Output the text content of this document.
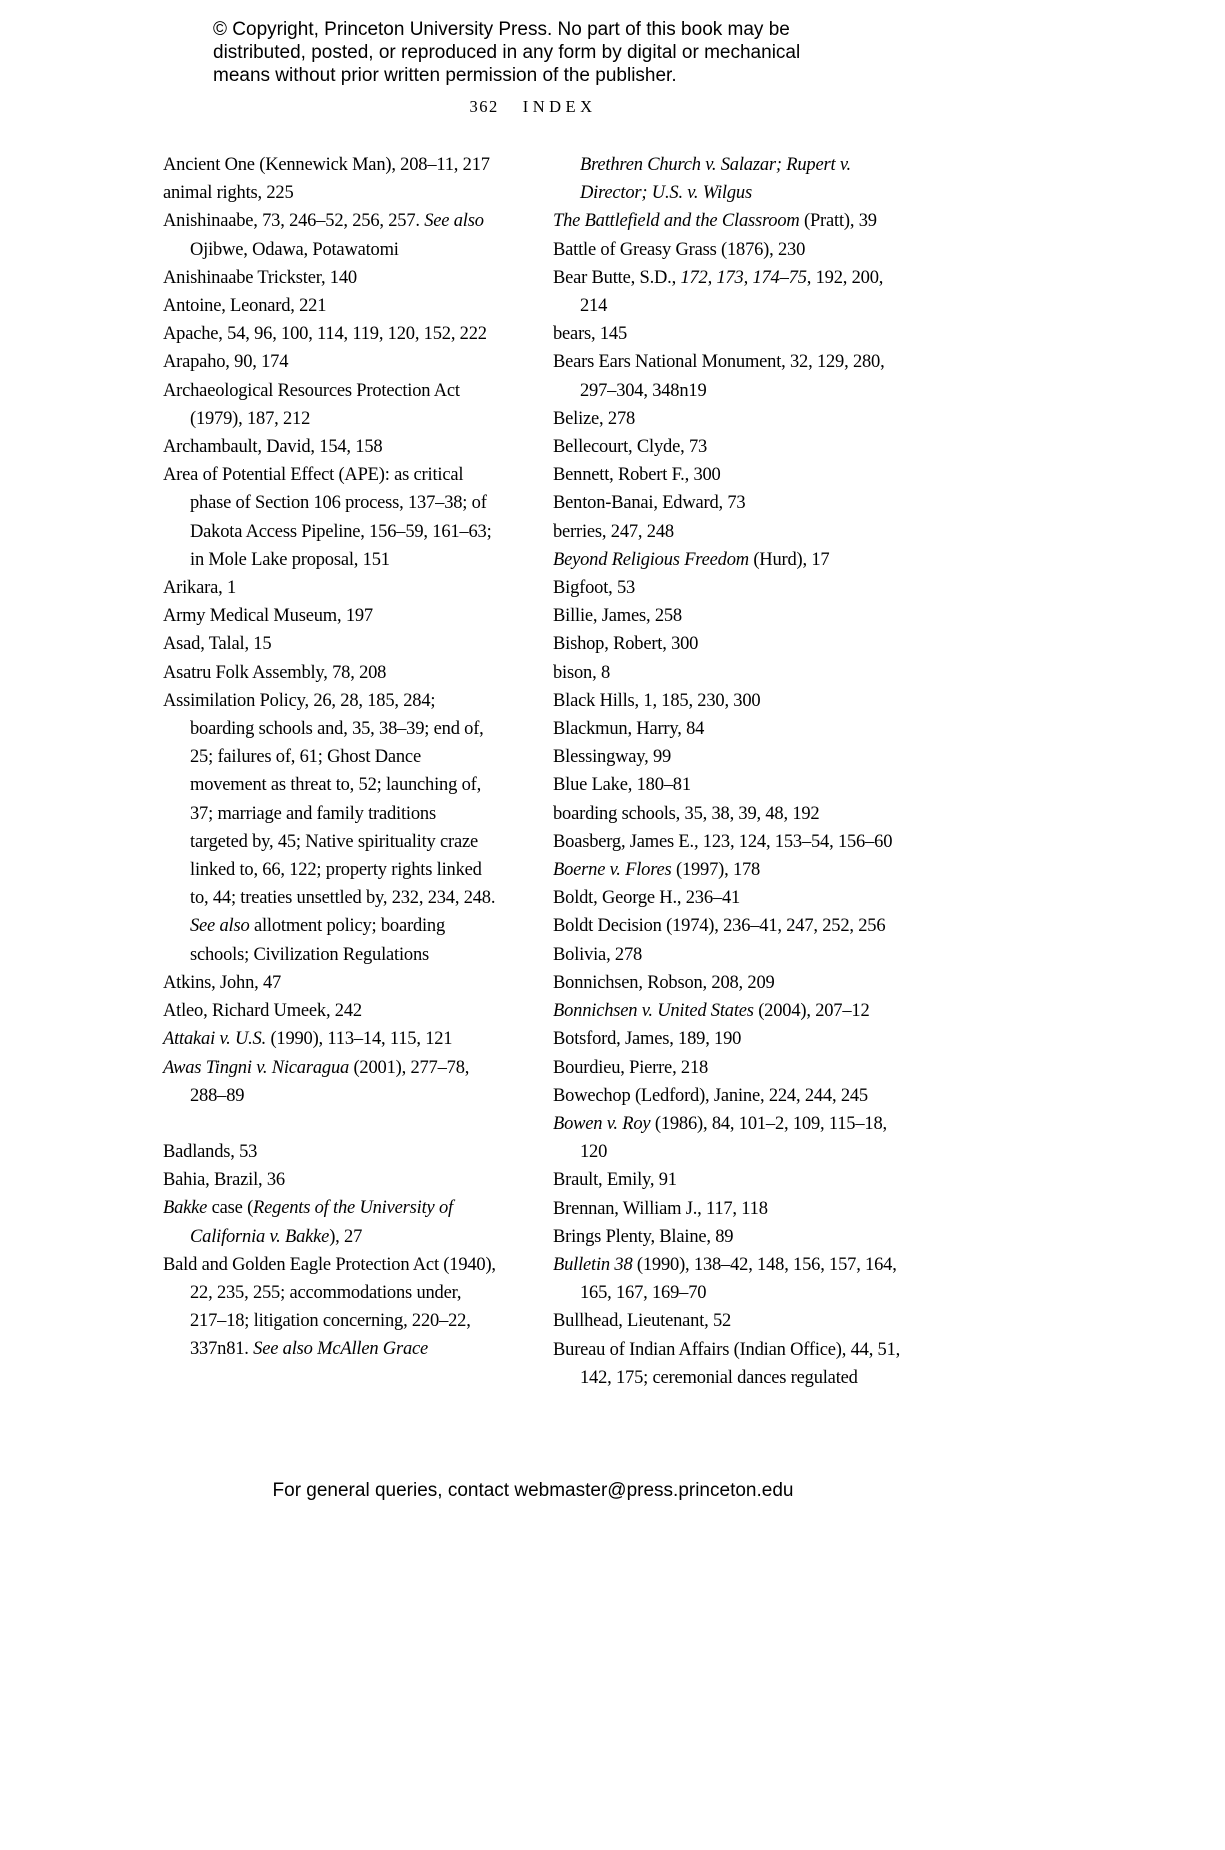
© Copyright, Princeton University Press. No part of this book may be
distributed, posted, or reproduced in any form by digital or mechanical
means without prior written permission of the publisher.
362 INDEX
Ancient One (Kennewick Man), 208–11, 217
animal rights, 225
Anishinaabe, 73, 246–52, 256, 257. See also Ojibwe, Odawa, Potawatomi
Anishinaabe Trickster, 140
Antoine, Leonard, 221
Apache, 54, 96, 100, 114, 119, 120, 152, 222
Arapaho, 90, 174
Archaeological Resources Protection Act (1979), 187, 212
Archambault, David, 154, 158
Area of Potential Effect (APE): as critical phase of Section 106 process, 137–38; of Dakota Access Pipeline, 156–59, 161–63; in Mole Lake proposal, 151
Arikara, 1
Army Medical Museum, 197
Asad, Talal, 15
Asatru Folk Assembly, 78, 208
Assimilation Policy, 26, 28, 185, 284; boarding schools and, 35, 38–39; end of, 25; failures of, 61; Ghost Dance movement as threat to, 52; launching of, 37; marriage and family traditions targeted by, 45; Native spirituality craze linked to, 66, 122; property rights linked to, 44; treaties unsettled by, 232, 234, 248. See also allotment policy; boarding schools; Civilization Regulations
Atkins, John, 47
Atleo, Richard Umeek, 242
Attakai v. U.S. (1990), 113–14, 115, 121
Awas Tingni v. Nicaragua (2001), 277–78, 288–89
Badlands, 53
Bahia, Brazil, 36
Bakke case (Regents of the University of California v. Bakke), 27
Bald and Golden Eagle Protection Act (1940), 22, 235, 255; accommodations under, 217–18; litigation concerning, 220–22, 337n81. See also McAllen Grace
Brethren Church v. Salazar; Rupert v. Director; U.S. v. Wilgus
The Battlefield and the Classroom (Pratt), 39
Battle of Greasy Grass (1876), 230
Bear Butte, S.D., 172, 173, 174–75, 192, 200, 214
bears, 145
Bears Ears National Monument, 32, 129, 280, 297–304, 348n19
Belize, 278
Bellecourt, Clyde, 73
Bennett, Robert F., 300
Benton-Banai, Edward, 73
berries, 247, 248
Beyond Religious Freedom (Hurd), 17
Bigfoot, 53
Billie, James, 258
Bishop, Robert, 300
bison, 8
Black Hills, 1, 185, 230, 300
Blackmun, Harry, 84
Blessingway, 99
Blue Lake, 180–81
boarding schools, 35, 38, 39, 48, 192
Boasberg, James E., 123, 124, 153–54, 156–60
Boerne v. Flores (1997), 178
Boldt, George H., 236–41
Boldt Decision (1974), 236–41, 247, 252, 256
Bolivia, 278
Bonnichsen, Robson, 208, 209
Bonnichsen v. United States (2004), 207–12
Botsford, James, 189, 190
Bourdieu, Pierre, 218
Bowechop (Ledford), Janine, 224, 244, 245
Bowen v. Roy (1986), 84, 101–2, 109, 115–18, 120
Brault, Emily, 91
Brennan, William J., 117, 118
Brings Plenty, Blaine, 89
Bulletin 38 (1990), 138–42, 148, 156, 157, 164, 165, 167, 169–70
Bullhead, Lieutenant, 52
Bureau of Indian Affairs (Indian Office), 44, 51, 142, 175; ceremonial dances regulated
For general queries, contact webmaster@press.princeton.edu
